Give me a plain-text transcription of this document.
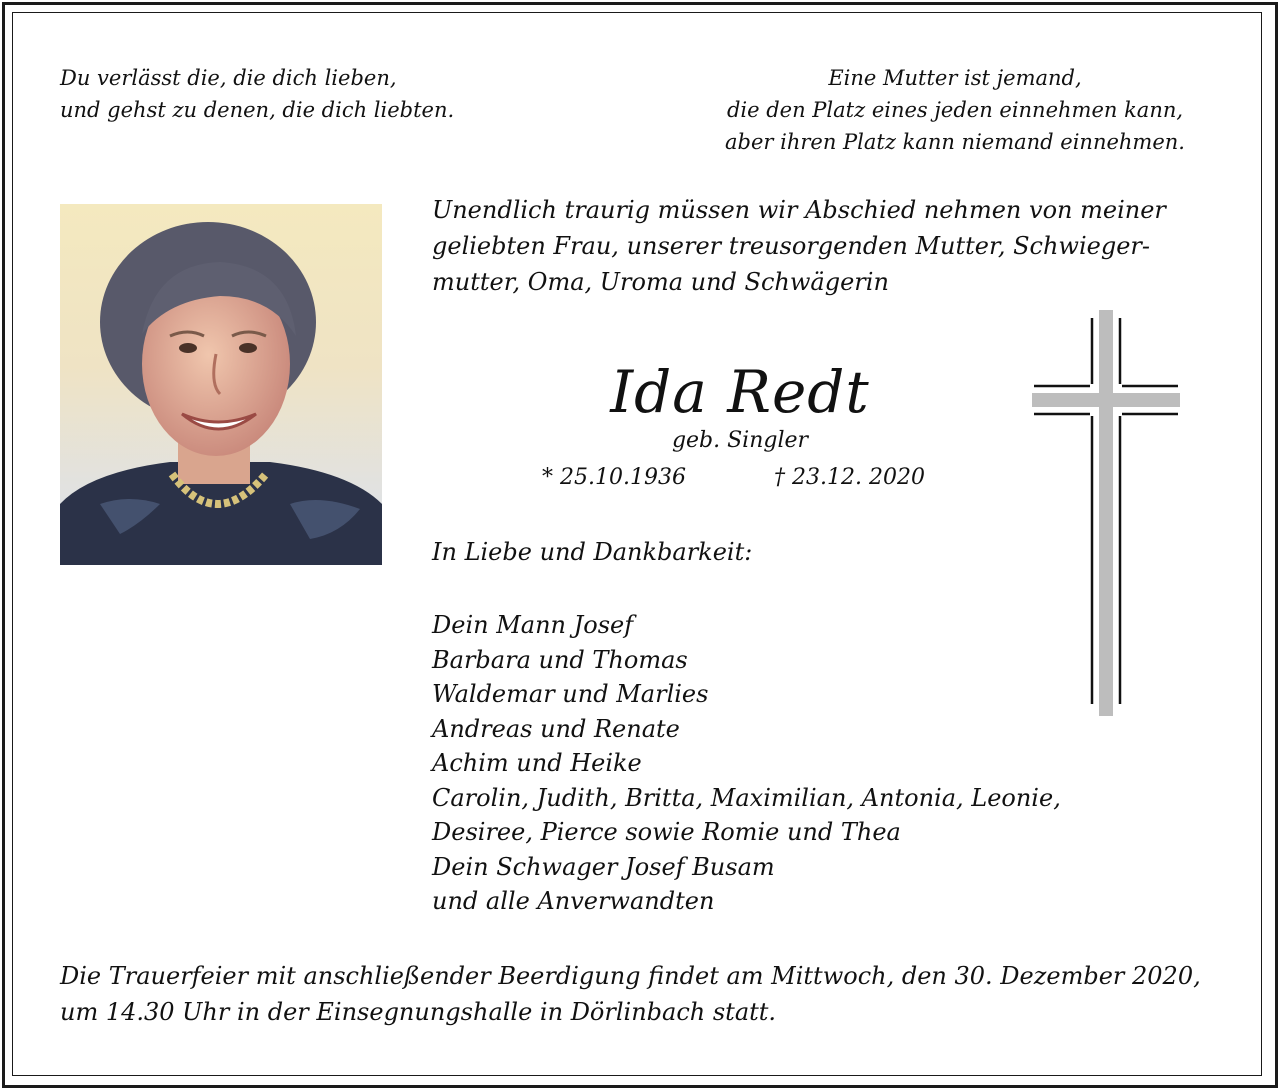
Du verlässt die, die dich lieben,
und gehst zu denen, die dich liebten.
Eine Mutter ist jemand,
die den Platz eines jeden einnehmen kann,
aber ihren Platz kann niemand einnehmen.
Unendlich traurig müssen wir Abschied nehmen von meiner
geliebten Frau, unserer treusorgenden Mutter, Schwieger-
mutter, Oma, Uroma und Schwägerin
Ida Redt
geb. Singler
* 25.10.1936	† 23.12. 2020
In Liebe und Dankbarkeit:
Dein Mann Josef
Barbara und Thomas
Waldemar und Marlies
Andreas und Renate
Achim und Heike
Carolin, Judith, Britta, Maximilian, Antonia, Leonie,
Desiree, Pierce sowie Romie und Thea
Dein Schwager Josef Busam
und alle Anverwandten
Die Trauerfeier mit anschließender Beerdigung findet am Mittwoch, den 30. Dezember 2020,
um 14.30 Uhr in der Einsegnungshalle in Dörlinbach statt.
